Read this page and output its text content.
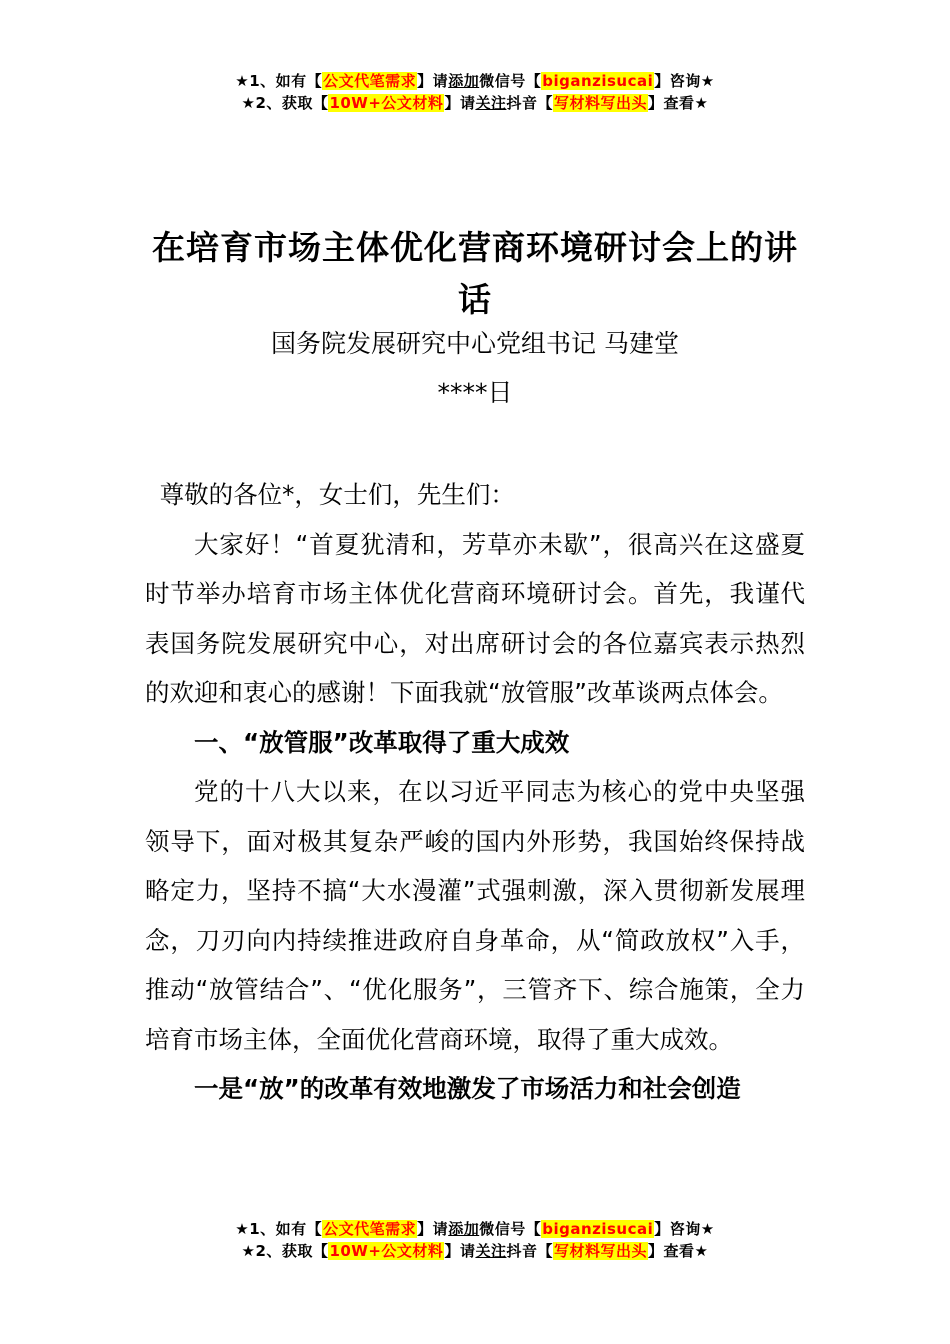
★1、如有【公文代笔需求】请添加微信号【biganzisucai】咨询★
★2、获取【10W+公文材料】请关注抖音【写材料写出头】查看★
在培育市场主体优化营商环境研讨会上的讲话
国务院发展研究中心党组书记 马建堂
****日

尊敬的各位*，女士们，先生们：

大家好！“首夏犹清和，芳草亦未歇”，很高兴在这盛夏时节举办培育市场主体优化营商环境研讨会。首先，我谨代表国务院发展研究中心，对出席研讨会的各位嘉宾表示热烈的欢迎和衷心的感谢！下面我就“放管服”改革谈两点体会。

一、“放管服”改革取得了重大成效

党的十八大以来，在以习近平同志为核心的党中央坚强领导下，面对极其复杂严峻的国内外形势，我国始终保持战略定力，坚持不搞“大水漫灌”式强刺激，深入贯彻新发展理念，刀刃向内持续推进政府自身革命，从“简政放权”入手，推动“放管结合”、“优化服务”，三管齐下、综合施策，全力培育市场主体，全面优化营商环境，取得了重大成效。

一是“放”的改革有效地激发了市场活力和社会创造

★1、如有【公文代笔需求】请添加微信号【biganzisucai】咨询★
★2、获取【10W+公文材料】请关注抖音【写材料写出头】查看★
